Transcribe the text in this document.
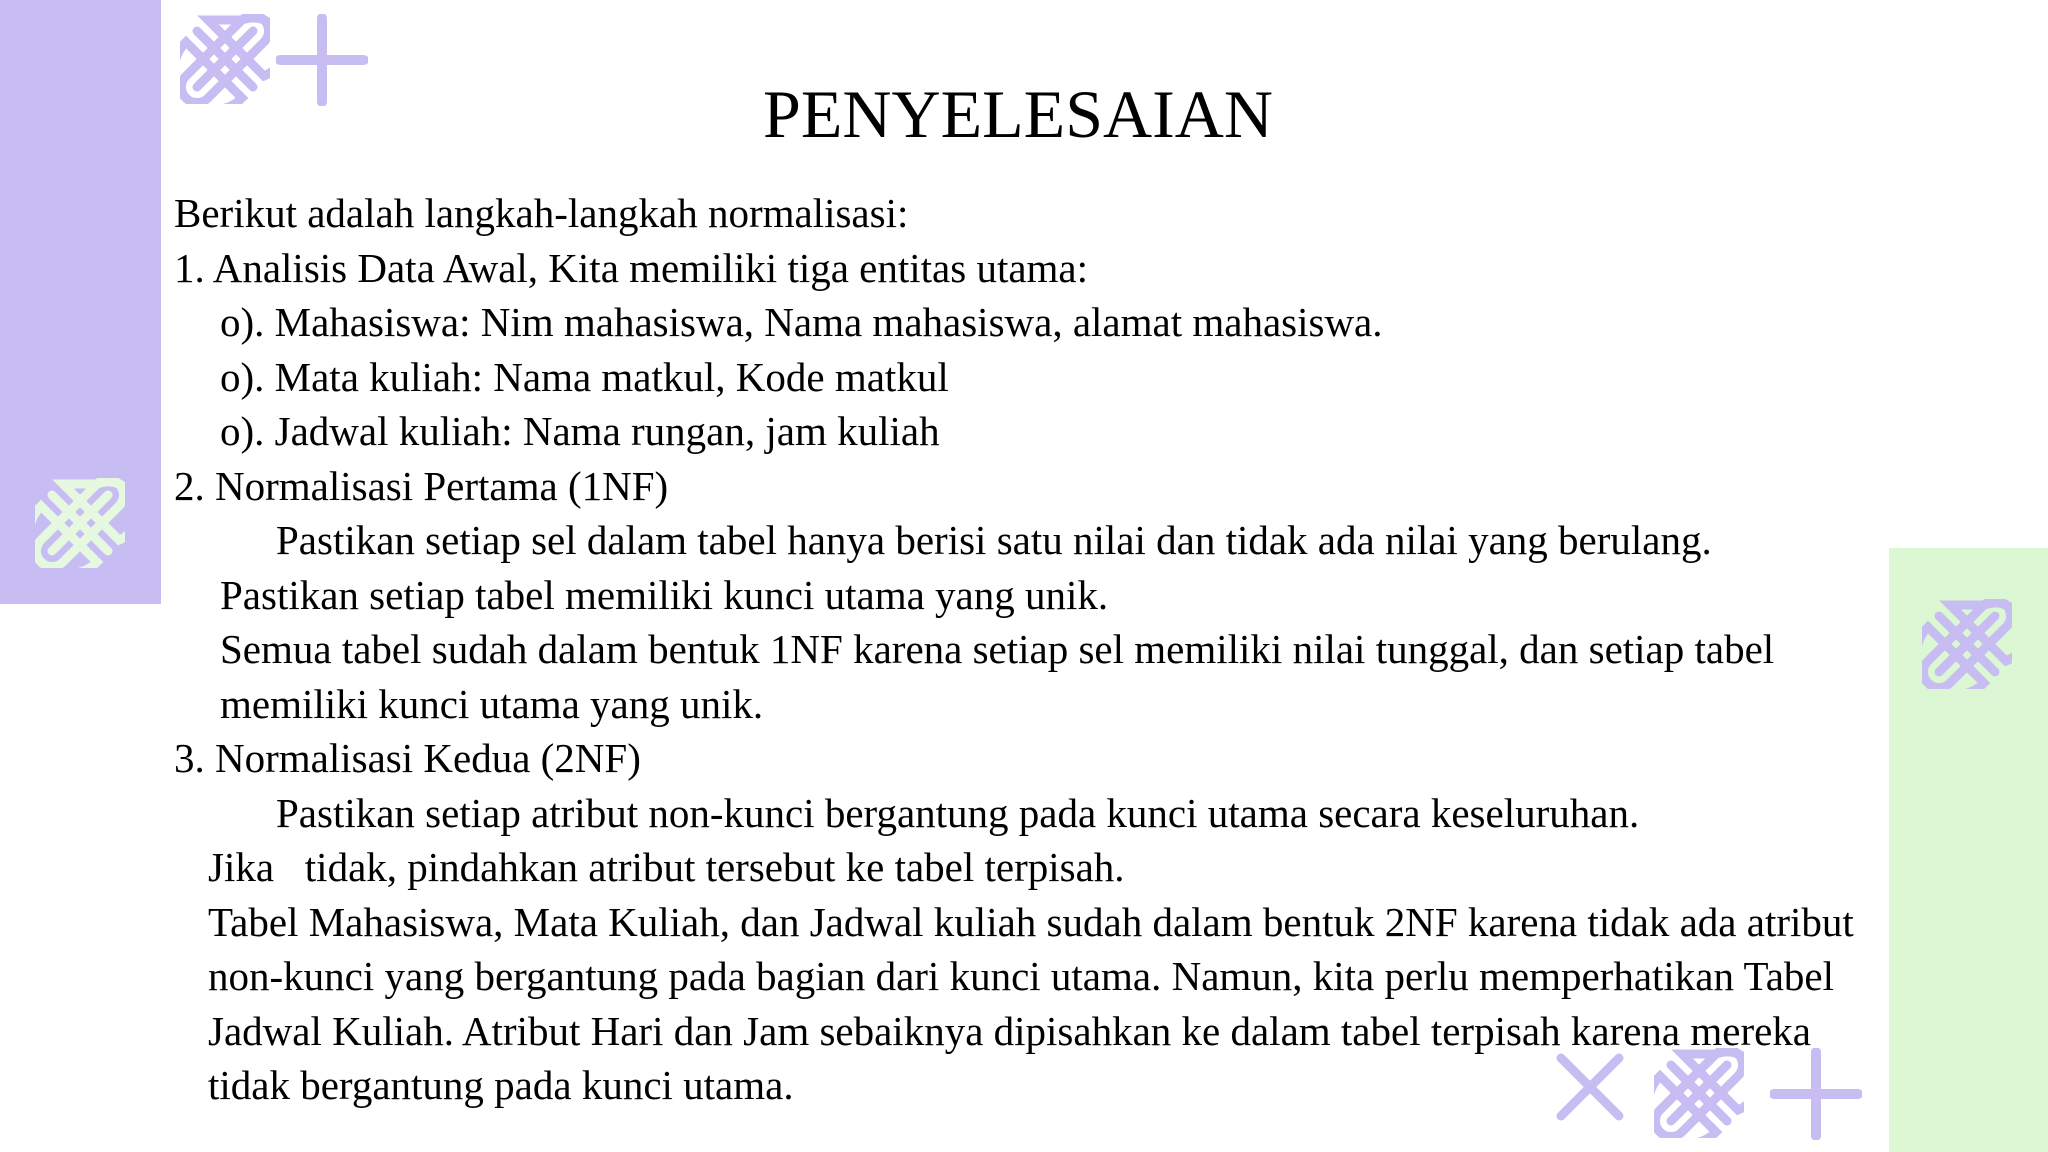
PENYELESAIAN

Berikut adalah langkah-langkah normalisasi:

1. Analisis Data Awal, Kita memiliki tiga entitas utama:

o). Mahasiswa: Nim mahasiswa, Nama mahasiswa, alamat mahasiswa.

o). Mata kuliah: Nama matkul, Kode matkul

o). Jadwal kuliah: Nama rungan, jam kuliah

2. Normalisasi Pertama (1NF)

Pastikan setiap sel dalam tabel hanya berisi satu nilai dan tidak ada nilai yang berulang.

Pastikan setiap tabel memiliki kunci utama yang unik.

Semua tabel sudah dalam bentuk 1NF karena setiap sel memiliki nilai tunggal, dan setiap tabel memiliki kunci utama yang unik.

3. Normalisasi Kedua (2NF)

Pastikan setiap atribut non-kunci bergantung pada kunci utama secara keseluruhan.

Jika   tidak, pindahkan atribut tersebut ke tabel terpisah.

Tabel Mahasiswa, Mata Kuliah, dan Jadwal kuliah sudah dalam bentuk 2NF karena tidak ada atribut non-kunci yang bergantung pada bagian dari kunci utama. Namun, kita perlu memperhatikan Tabel Jadwal Kuliah. Atribut Hari dan Jam sebaiknya dipisahkan ke dalam tabel terpisah karena mereka tidak bergantung pada kunci utama.
